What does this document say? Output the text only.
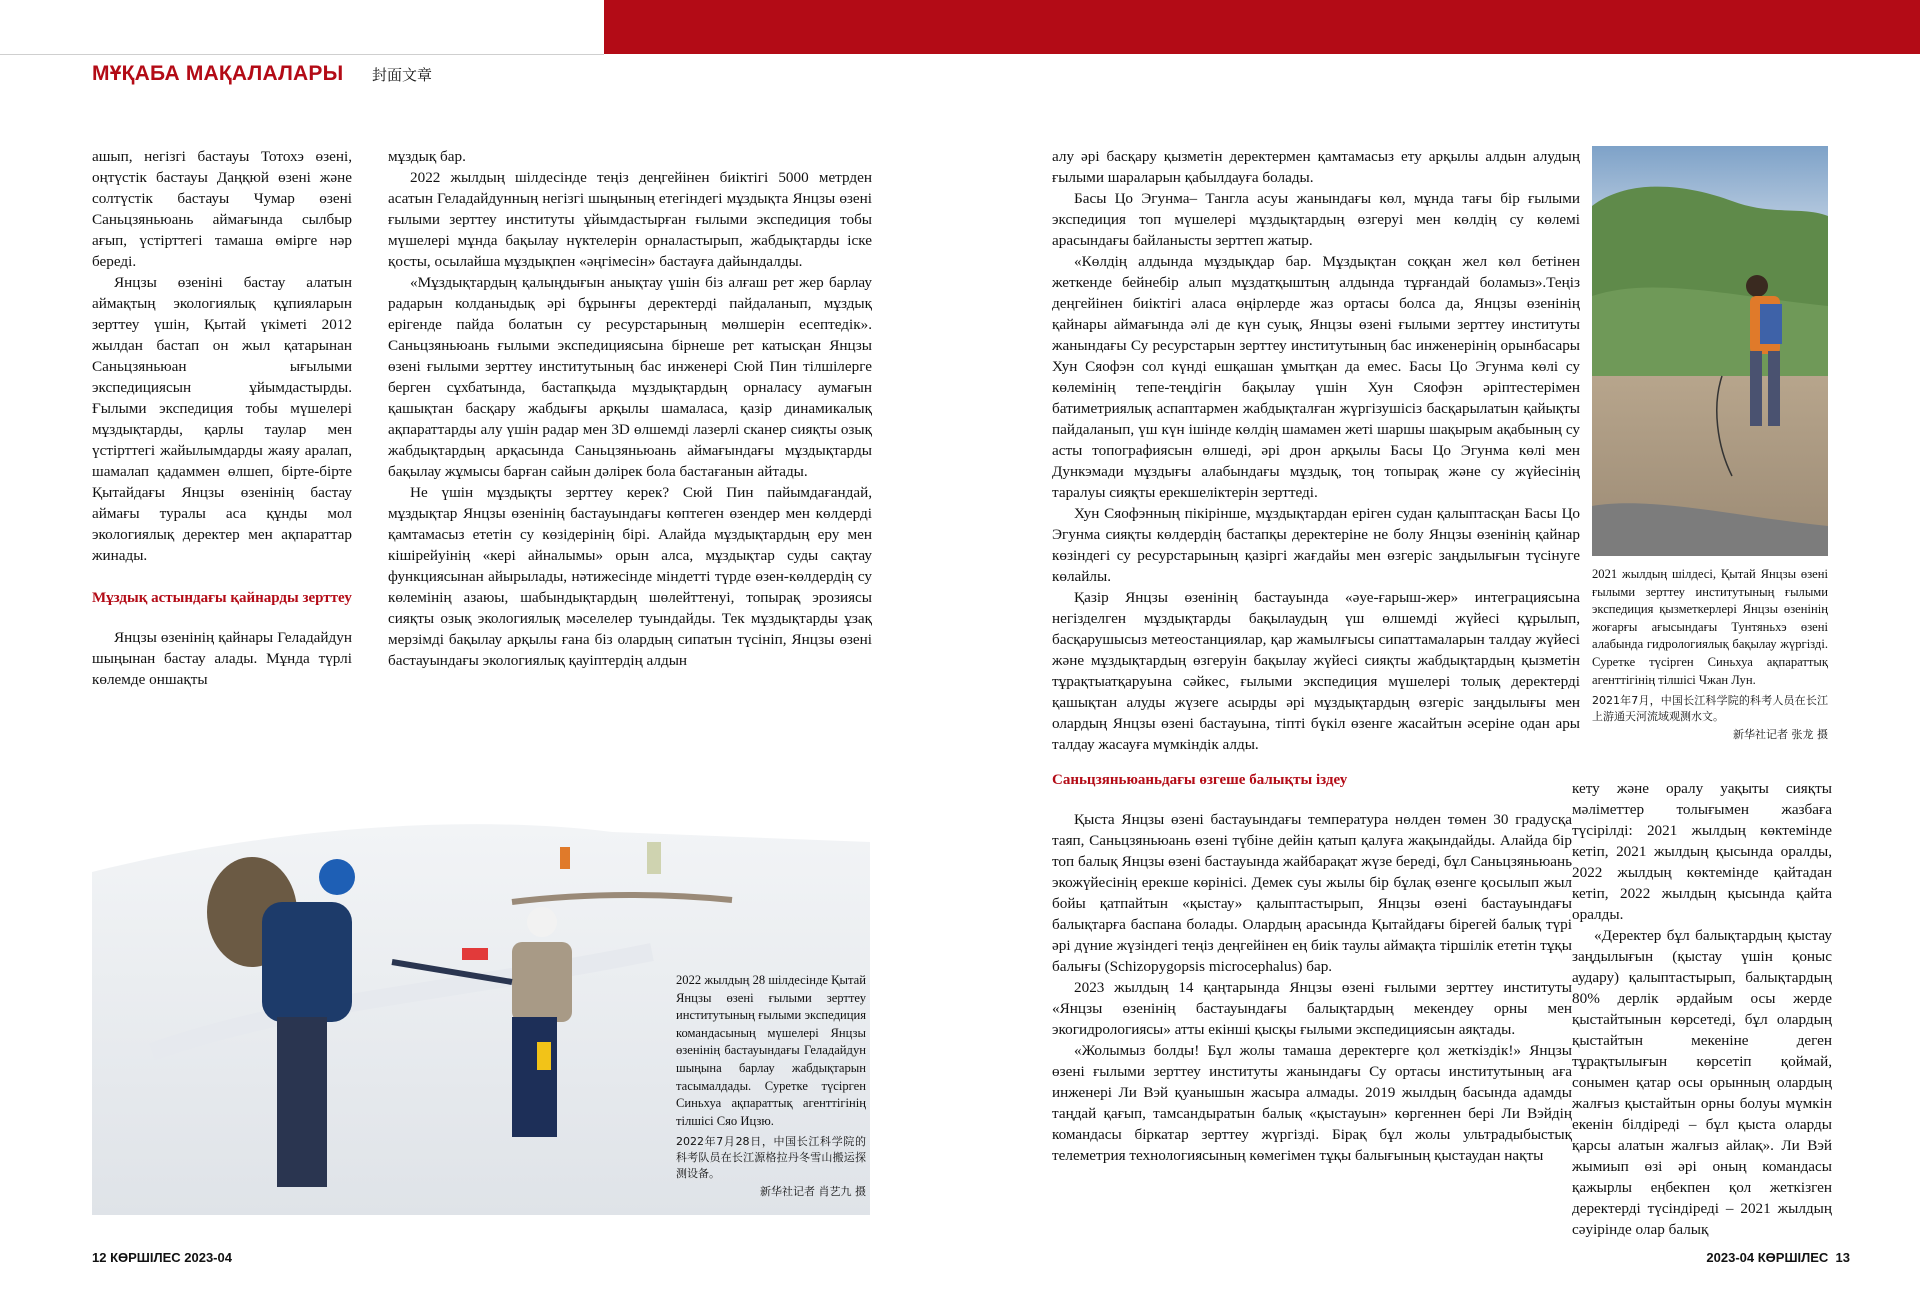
МҰҚАБА МАҚАЛАЛАРЫ 封面文章

ашып, негізгі бастауы Тотохэ өзені, оңтүстік бастауы Даңқюй өзені және солтүстік бастауы Чумар өзені Саньцзяньюань аймағында сылбыр ағып, үстірттегі тамаша өмірге нәр береді.

Янцзы өзеніні бастау алатын аймақтың экологиялық құпияларын зерттеу үшін, Қытай үкіметі 2012 жылдан бастап он жыл қатарынан Саньцзяньюан ығылыми экспедициясын ұйымдастырды. Ғылыми экспедиция тобы мүшелері мұздықтарды, қарлы таулар мен үстірттегі жайылымдарды жаяу аралап, шамалап қадаммен өлшеп, бірте-бірте Қытайдағы Янцзы өзенінің бастау аймағы туралы аса құнды мол экологиялық деректер мен ақпараттар жинады.

Мұздық астындағы қайнарды зерттеу

Янцзы өзенінің қайнары Геладайдун шыңынан бастау алады. Мұнда түрлі көлемде оншақты

мұздық бар.

2022 жылдың шілдесінде теңіз деңгейінен биіктігі 5000 метрден асатын Геладайдунның негізгі шыңының етегіндегі мұздықта Янцзы өзені ғылыми зерттеу институты ұйымдастырған ғылыми экспедиция тобы мүшелері мұнда бақылау нүктелерін орналастырып, жабдықтарды іске қосты, осылайша мұздықпен «әңгімесін» бастауға дайындалды.

«Мұздықтардың қалыңдығын анықтау үшін біз алғаш рет жер барлау радарын колданыдық әрі бұрынғы деректерді пайдаланып, мұздық ерігенде пайда болатын су ресурстарының мөлшерін есептедік». Саньцзяньюань ғылыми экспедициясына бірнеше рет катысқан Янцзы өзені ғылыми зерттеу институтының бас инженері Сюй Пин тілшілерге берген сұхбатында, бастапқыда мұздықтардың орналасу аумағын қашықтан басқару жабдығы арқылы шамаласа, қазір динамикалық ақпараттарды алу үшін радар мен 3D өлшемді лазерлі сканер сияқты озық жабдықтардың арқасында Саньцзяньюань аймағындағы мұздықтарды бақылау жұмысы барған сайын дәлірек бола бастағанын айтады.

Не үшін мұздықты зерттеу керек? Сюй Пин пайымдағандай, мұздықтар Янцзы өзенінің бастауындағы көптеген өзендер мен көлдерді қамтамасыз ететін су көзідерінің бірі. Алайда мұздықтардың еру мен кішірейуінің «кері айналымы» орын алса, мұздықтар суды сақтау функциясынан айырылады, нәтижесінде міндетті түрде өзен-көлдердің су көлемінің азаюы, шабындықтардың шөлейттенуі, топырақ эрозиясы сияқты озық экологиялық мәселелер туындайды. Тек мұздықтарды ұзақ мерзімді бақылау арқылы ғана біз олардың сипатын түсініп, Янцзы өзені бастауындағы экологиялық қауіптердің алдын

2022 жылдың 28 шілдесінде Қытай Янцзы өзені ғылыми зерттеу институтының ғылыми экспедиция командасының мүшелері Янцзы өзенінің бастауындағы Геладайдун шыңына барлау жабдықтарын тасымалдады. Суретке түсірген Синьхуа ақпараттық агенттігінің тілшісі Сяо Ицзю.
2022年7月28日，中国长江科学院的科考队员在长江源格拉丹冬雪山搬运探测设备。
新华社记者 肖艺九 摄

алу әрі басқару қызметін деректермен қамтамасыз ету арқылы алдын алудың ғылыми шараларын қабылдауға болады.

Басы Цо Эгунма– Тангла асуы жанындағы көл, мұнда тағы бір ғылыми экспедиция топ мүшелері мұздықтардың өзгеруі мен көлдің су көлемі арасындағы байланысты зерттеп жатыр.

«Көлдің алдында мұздықдар бар. Мұздықтан соққан жел көл бетінен жеткенде бейнебір алып мұздатқыштың алдында тұрғандай боламыз».Теңіз деңгейінен биіктігі аласа өңірлерде жаз ортасы болса да, Янцзы өзенінің қайнары аймағында әлі де күн суық, Янцзы өзені ғылыми зерттеу институты жанындағы Су ресурстарын зерттеу институтының бас инженерінің орынбасары Хун Сяофэн сол күнді ешқашан ұмытқан да емес. Басы Цо Эгунма көлі су көлемінің тепе-теңдігін бақылау үшін Хун Сяофэн әріптестерімен батиметриялық аспаптармен жабдықталған жүргізушісіз басқарылатын қайықты пайдаланып, үш күн ішінде көлдің шамамен жеті шаршы шақырым ақабының су асты топографиясын өлшеді, әрі дрон арқылы Басы Цо Эгунма көлі мен Дункэмади мұздығы алабындағы мұздық, тоң топырақ және су жүйесінің таралуы сияқты ерекшеліктерін зерттеді.

Хун Сяофэнның пікірінше, мұздықтардан еріген судан қалыптасқан Басы Цо Эгунма сияқты көлдердің бастапқы деректеріне не болу Янцзы өзенінің қайнар көзіндегі су ресурстарының қазіргі жағдайы мен өзгеріс заңдылығын түсінуге көлайлы.

Қазір Янцзы өзенінің бастауында «әуе-ғарыш-жер» интеграциясына негізделген мұздықтарды бақылаудың үш өлшемді жүйесі құрылып, басқарушысыз метеостанциялар, қар жамылғысы сипаттамаларын талдау жүйесі және мұздықтардың өзгеруін бақылау жүйесі сияқты жабдықтардың қызметін тұрақтыатқаруына сәйкес, ғылыми экспедиция мүшелері толық деректерді қашықтан алуды жүзеге асырды әрі мұздықтардың өзгеріс заңдылығы мен олардың Янцзы өзені бастауына, тіпті бүкіл өзенге жасайтын әсеріне одан ары талдау жасауға мүмкіндік алды.

2021 жылдың шілдесі, Қытай Янцзы өзені ғылыми зерттеу институтының ғылыми экспедиция қызметкерлері Янцзы өзенінің жоғарғы ағысындағы Тунтяньхэ өзені алабында гидрологиялық бақылау жүргізді. Суретке түсірген Синьхуа ақпараттық агенттігінің тілшісі Чжан Лун.
2021年7月，中国长江科学院的科考人员在长江上游通天河流域观测水文。
新华社记者 张龙 摄

Саньцзяньюаньдағы өзгеше балықты іздеу

Қыста Янцзы өзені бастауындағы температура нөлден төмен 30 градусқа таяп, Саньцзяньюань өзені түбіне дейін қатып қалуға жақындайды. Алайда бір топ балық Янцзы өзені бастауында жайбарақат жүзе береді, бұл Саньцзяньюань экожүйесінің ерекше көрінісі. Демек суы жылы бір бұлақ өзенге қосылып жыл бойы қатпайтын «қыстау» қалыптастырып, Янцзы өзені бастауындағы балықтарға баспана болады. Олардың арасында Қытайдағы бірегей балық түрі әрі дүние жүзіндегі теңіз деңгейінен ең биік таулы аймақта тіршілік ететін тұқы балығы (Schizopygopsis microcephalus) бар.

2023 жылдың 14 қаңтарында Янцзы өзені ғылыми зерттеу институты «Янцзы өзенінің бастауындағы балықтардың мекендеу орны мен экогидрологиясы» атты екінші қысқы ғылыми экспедициясын аяқтады.

«Жолымыз болды! Бұл жолы тамаша деректерге қол жеткіздік!» Янцзы өзені ғылыми зерттеу институты жанындағы Су ортасы институтының аға инженері Ли Вэй қуанышын жасыра алмады. 2019 жылдың басында адамды таңдай қағып, тамсандыратын балық «қыстауын» көргеннен бері Ли Вэйдің командасы біркатар зерттеу жүргізді. Бірақ бұл жолы ультрадыбыстық телеметрия технологиясының көмегімен тұқы балығының қыстаудан нақты

кету және оралу уақыты сияқты мәліметтер толығымен жазбаға түсірілді: 2021 жылдың көктемінде кетіп, 2021 жылдың қысында оралды, 2022 жылдың көктемінде қайтадан кетіп, 2022 жылдың қысында қайта оралды.

«Деректер бұл балықтардың қыстау заңдылығын (қыстау үшін қоныс аудару) қалыптастырып, балықтардың 80% дерлік әрдайым осы жерде қыстайтынын көрсетеді, бұл олардың қыстайтын мекеніне деген тұрақтылығын көрсетіп қоймай, сонымен қатар осы орынның олардың жалғыз қыстайтын орны болуы мүмкін екенін білдіреді – бұл қыста оларды қарсы алатын жалғыз айлақ». Ли Вэй жымиып өзі әрі оның командасы қажырлы еңбекпен қол жеткізген деректерді түсіндіреді – 2021 жылдың сәуірінде олар балық

12 КӨРШІЛЕС 2023-04	2023-04 КӨРШІЛЕС  13
